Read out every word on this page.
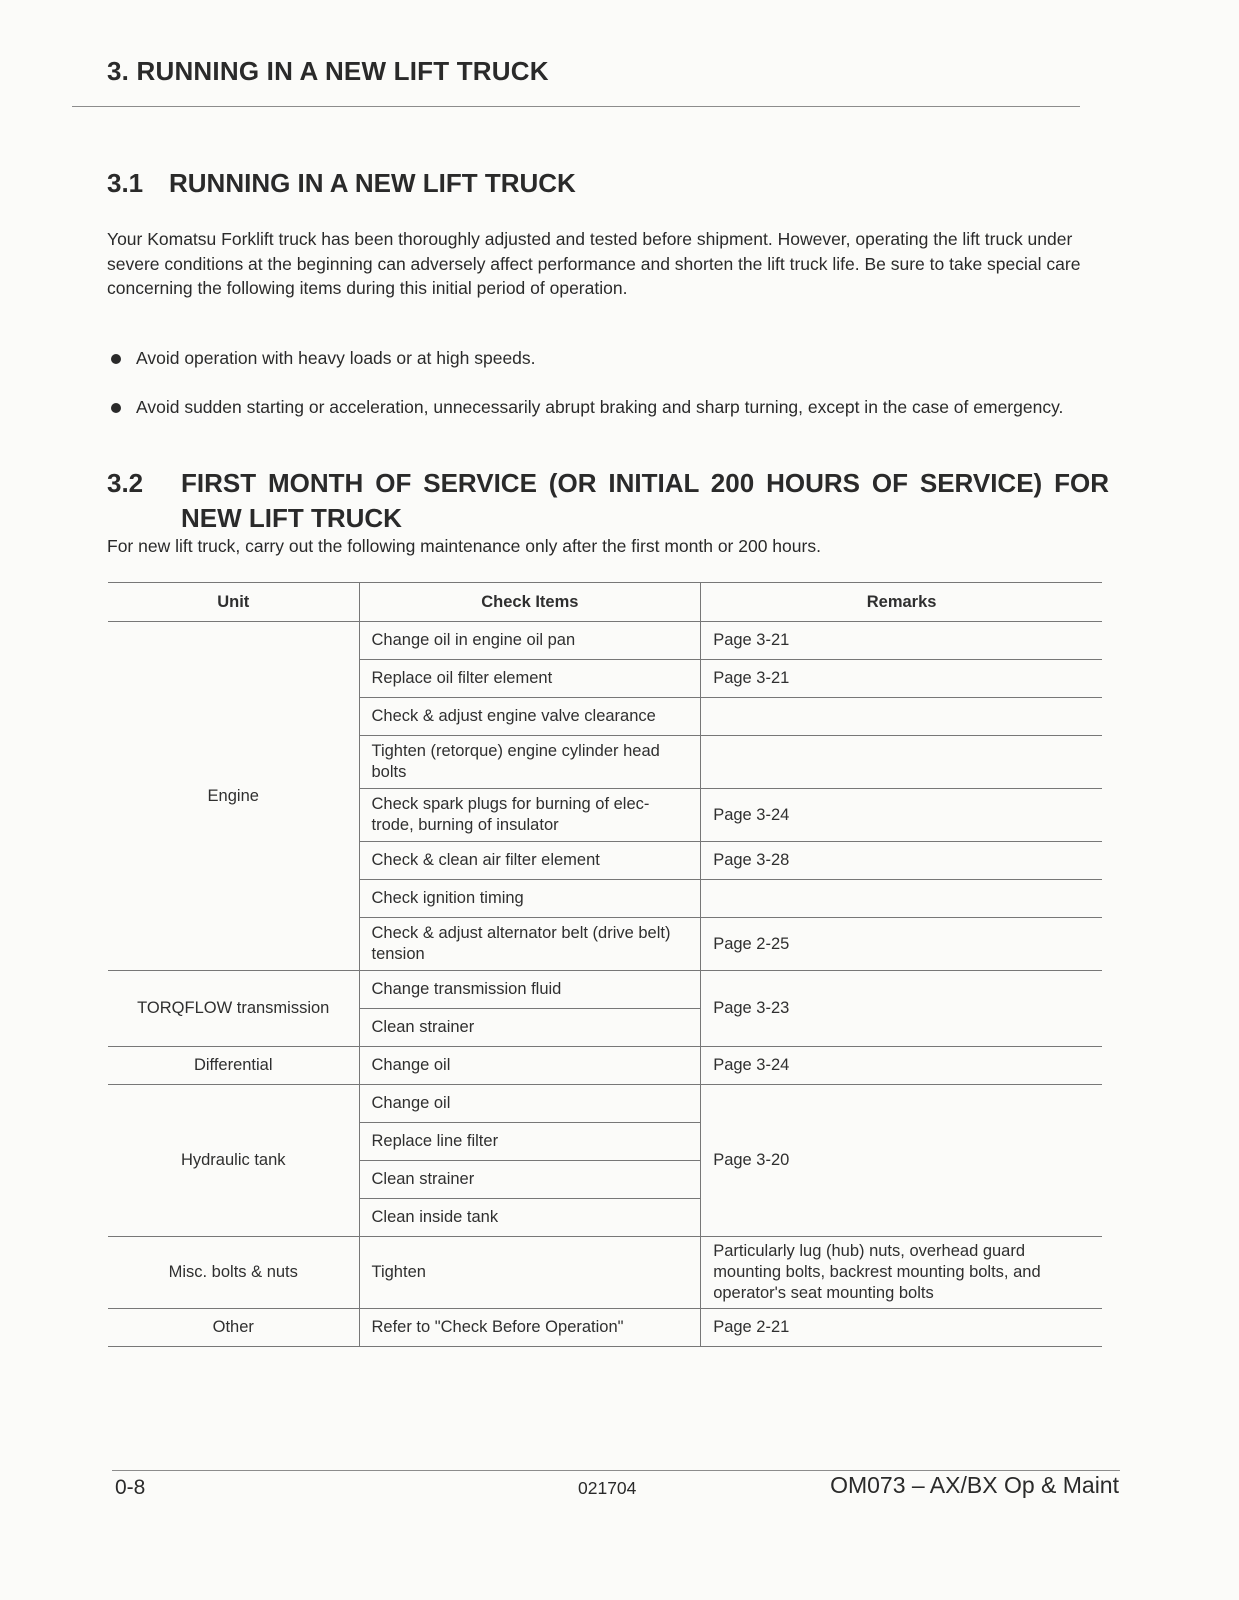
3. RUNNING IN A NEW LIFT TRUCK
3.1 RUNNING IN A NEW LIFT TRUCK

Your Komatsu Forklift truck has been thoroughly adjusted and tested before shipment. However, operating the lift truck under severe conditions at the beginning can adversely affect performance and shorten the lift truck life. Be sure to take special care concerning the following items during this initial period of operation.

Avoid operation with heavy loads or at high speeds.
Avoid sudden starting or acceleration, unnecessarily abrupt braking and sharp turning, except in the case of emergency.
3.2	FIRST MONTH OF SERVICE (OR INITIAL 200 HOURS OF SERVICE) FOR NEW LIFT TRUCK

For new lift truck, carry out the following maintenance only after the first month or 200 hours.

Unit	Check Items	Remarks
Engine	Change oil in engine oil pan	Page 3-21
	Replace oil filter element	Page 3-21
	Check & adjust engine valve clearance	
	Tighten (retorque) engine cylinder head bolts	
	Check spark plugs for burning of elec- trode, burning of insulator	Page 3-24
	Check & clean air filter element	Page 3-28
	Check ignition timing	
	Check & adjust alternator belt (drive belt) tension	Page 2-25
TORQFLOW transmission	Change transmission fluid	Page 3-23
	Clean strainer	
Differential	Change oil	Page 3-24
Hydraulic tank	Change oil	Page 3-20
	Replace line filter	
	Clean strainer	
	Clean inside tank	
Misc. bolts & nuts	Tighten	Particularly lug (hub) nuts, overhead guard mounting bolts, backrest mounting bolts, and operator's seat mounting bolts
Other	Refer to "Check Before Operation"	Page 2-21
0-8	021704	OM073 – AX/BX Op & Maint
